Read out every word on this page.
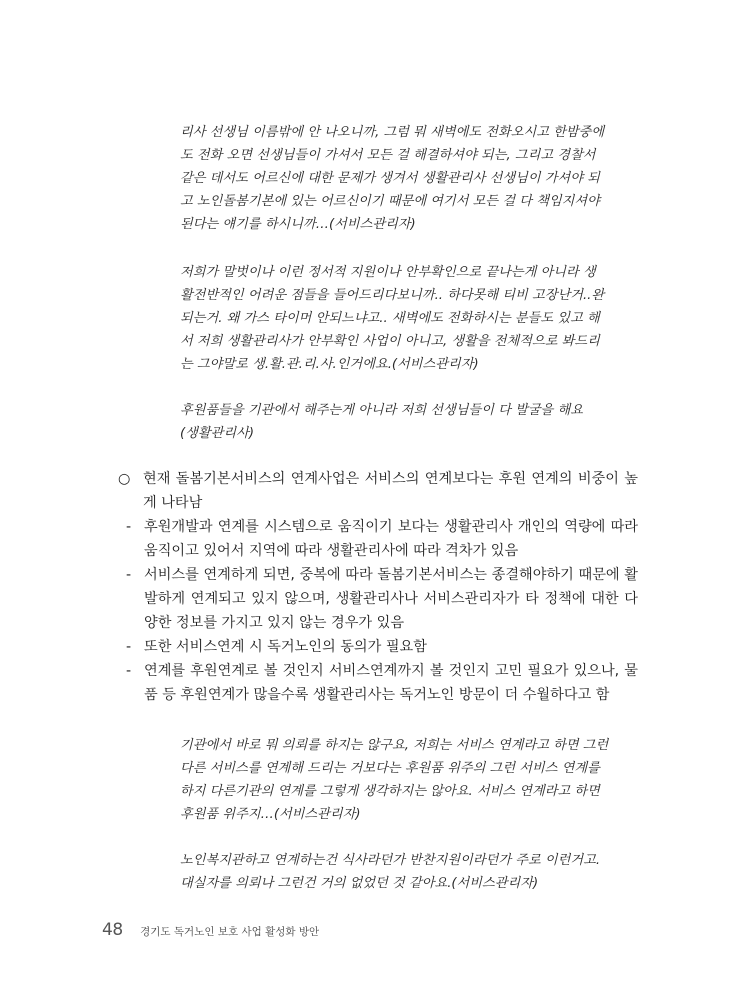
리사 선생님 이름밖에 안 나오니까, 그럼 뭐 새벽에도 전화오시고 한밤중에

도 전화 오면 선생님들이 가셔서 모든 걸 해결하셔야 되는, 그리고 경찰서

같은 데서도 어르신에 대한 문제가 생겨서 생활관리사 선생님이 가셔야 되

고 노인돌봄기본에 있는 어르신이기 때문에 여기서 모든 걸 다 책임지셔야

된다는 얘기를 하시니까…(서비스관리자)

저희가 말벗이나 이런 정서적 지원이나 안부확인으로 끝나는게 아니라 생

활전반적인 어려운 점들을 들어드리다보니까.. 하다못해 티비 고장난거..완

되는거. 왜 가스 타이머 안되느냐고.. 새벽에도 전화하시는 분들도 있고 해

서 저희 생활관리사가 안부확인 사업이 아니고, 생활을 전체적으로 봐드리

는 그야말로 생.활.관.리.사.인거에요.(서비스관리자)

후원품들을 기관에서 해주는게 아니라 저희 선생님들이 다 발굴을 해요

(생활관리사)

○ 현재 돌봄기본서비스의 연계사업은 서비스의 연계보다는 후원 연계의 비중이 높게 나타남
- 후원개발과 연계를 시스템으로 움직이기 보다는 생활관리사 개인의 역량에 따라 움직이고 있어서 지역에 따라 생활관리사에 따라 격차가 있음
- 서비스를 연계하게 되면, 중복에 따라 돌봄기본서비스는 종결해야하기 때문에 활발하게 연계되고 있지 않으며, 생활관리사나 서비스관리자가 타 정책에 대한 다양한 정보를 가지고 있지 않는 경우가 있음
- 또한 서비스연계 시 독거노인의 동의가 필요함
- 연계를 후원연계로 볼 것인지 서비스연계까지 볼 것인지 고민 필요가 있으나, 물품 등 후원연계가 많을수록 생활관리사는 독거노인 방문이 더 수월하다고 함

기관에서 바로 뭐 의뢰를 하지는 않구요, 저희는 서비스 연계라고 하면 그런

다른 서비스를 연계해 드리는 거보다는 후원품 위주의 그런 서비스 연계를

하지 다른기관의 연계를 그렇게 생각하지는 않아요. 서비스 연계라고 하면

후원품 위주지…(서비스관리자)

노인복지관하고 연계하는건 식사라던가 반찬지원이라던가 주로 이런거고.

대실자를 의뢰나 그런건 거의 없었던 것 같아요.(서비스관리자)

48 경기도 독거노인 보호 사업 활성화 방안
